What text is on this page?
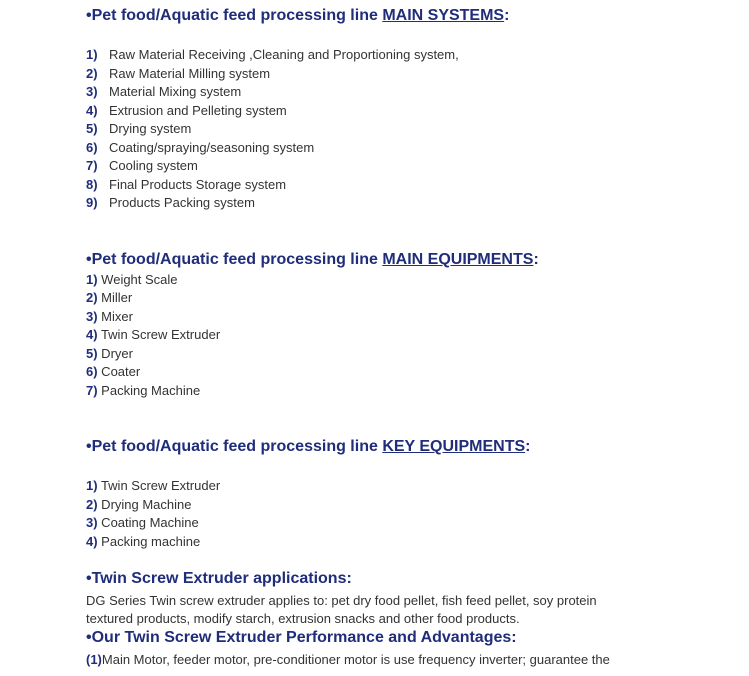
•Pet food/Aquatic feed processing line MAIN SYSTEMS:
1) Raw Material Receiving ,Cleaning and Proportioning system,
2) Raw Material Milling system
3) Material Mixing system
4) Extrusion and Pelleting system
5) Drying system
6) Coating/spraying/seasoning system
7) Cooling system
8) Final Products Storage system
9) Products Packing system
•Pet food/Aquatic feed processing line MAIN EQUIPMENTS:
1) Weight Scale
2) Miller
3) Mixer
4) Twin Screw Extruder
5) Dryer
6) Coater
7) Packing Machine
•Pet food/Aquatic feed processing line KEY EQUIPMENTS:
1) Twin Screw Extruder
2) Drying Machine
3) Coating Machine
4) Packing machine
•Twin Screw Extruder applications:
DG Series Twin screw extruder applies to: pet dry food pellet, fish feed pellet, soy protein
textured products, modify starch, extrusion snacks and other food products.
•Our Twin Screw Extruder Performance and Advantages:
(1)Main Motor, feeder motor, pre-conditioner motor is use frequency inverter; guarantee the
